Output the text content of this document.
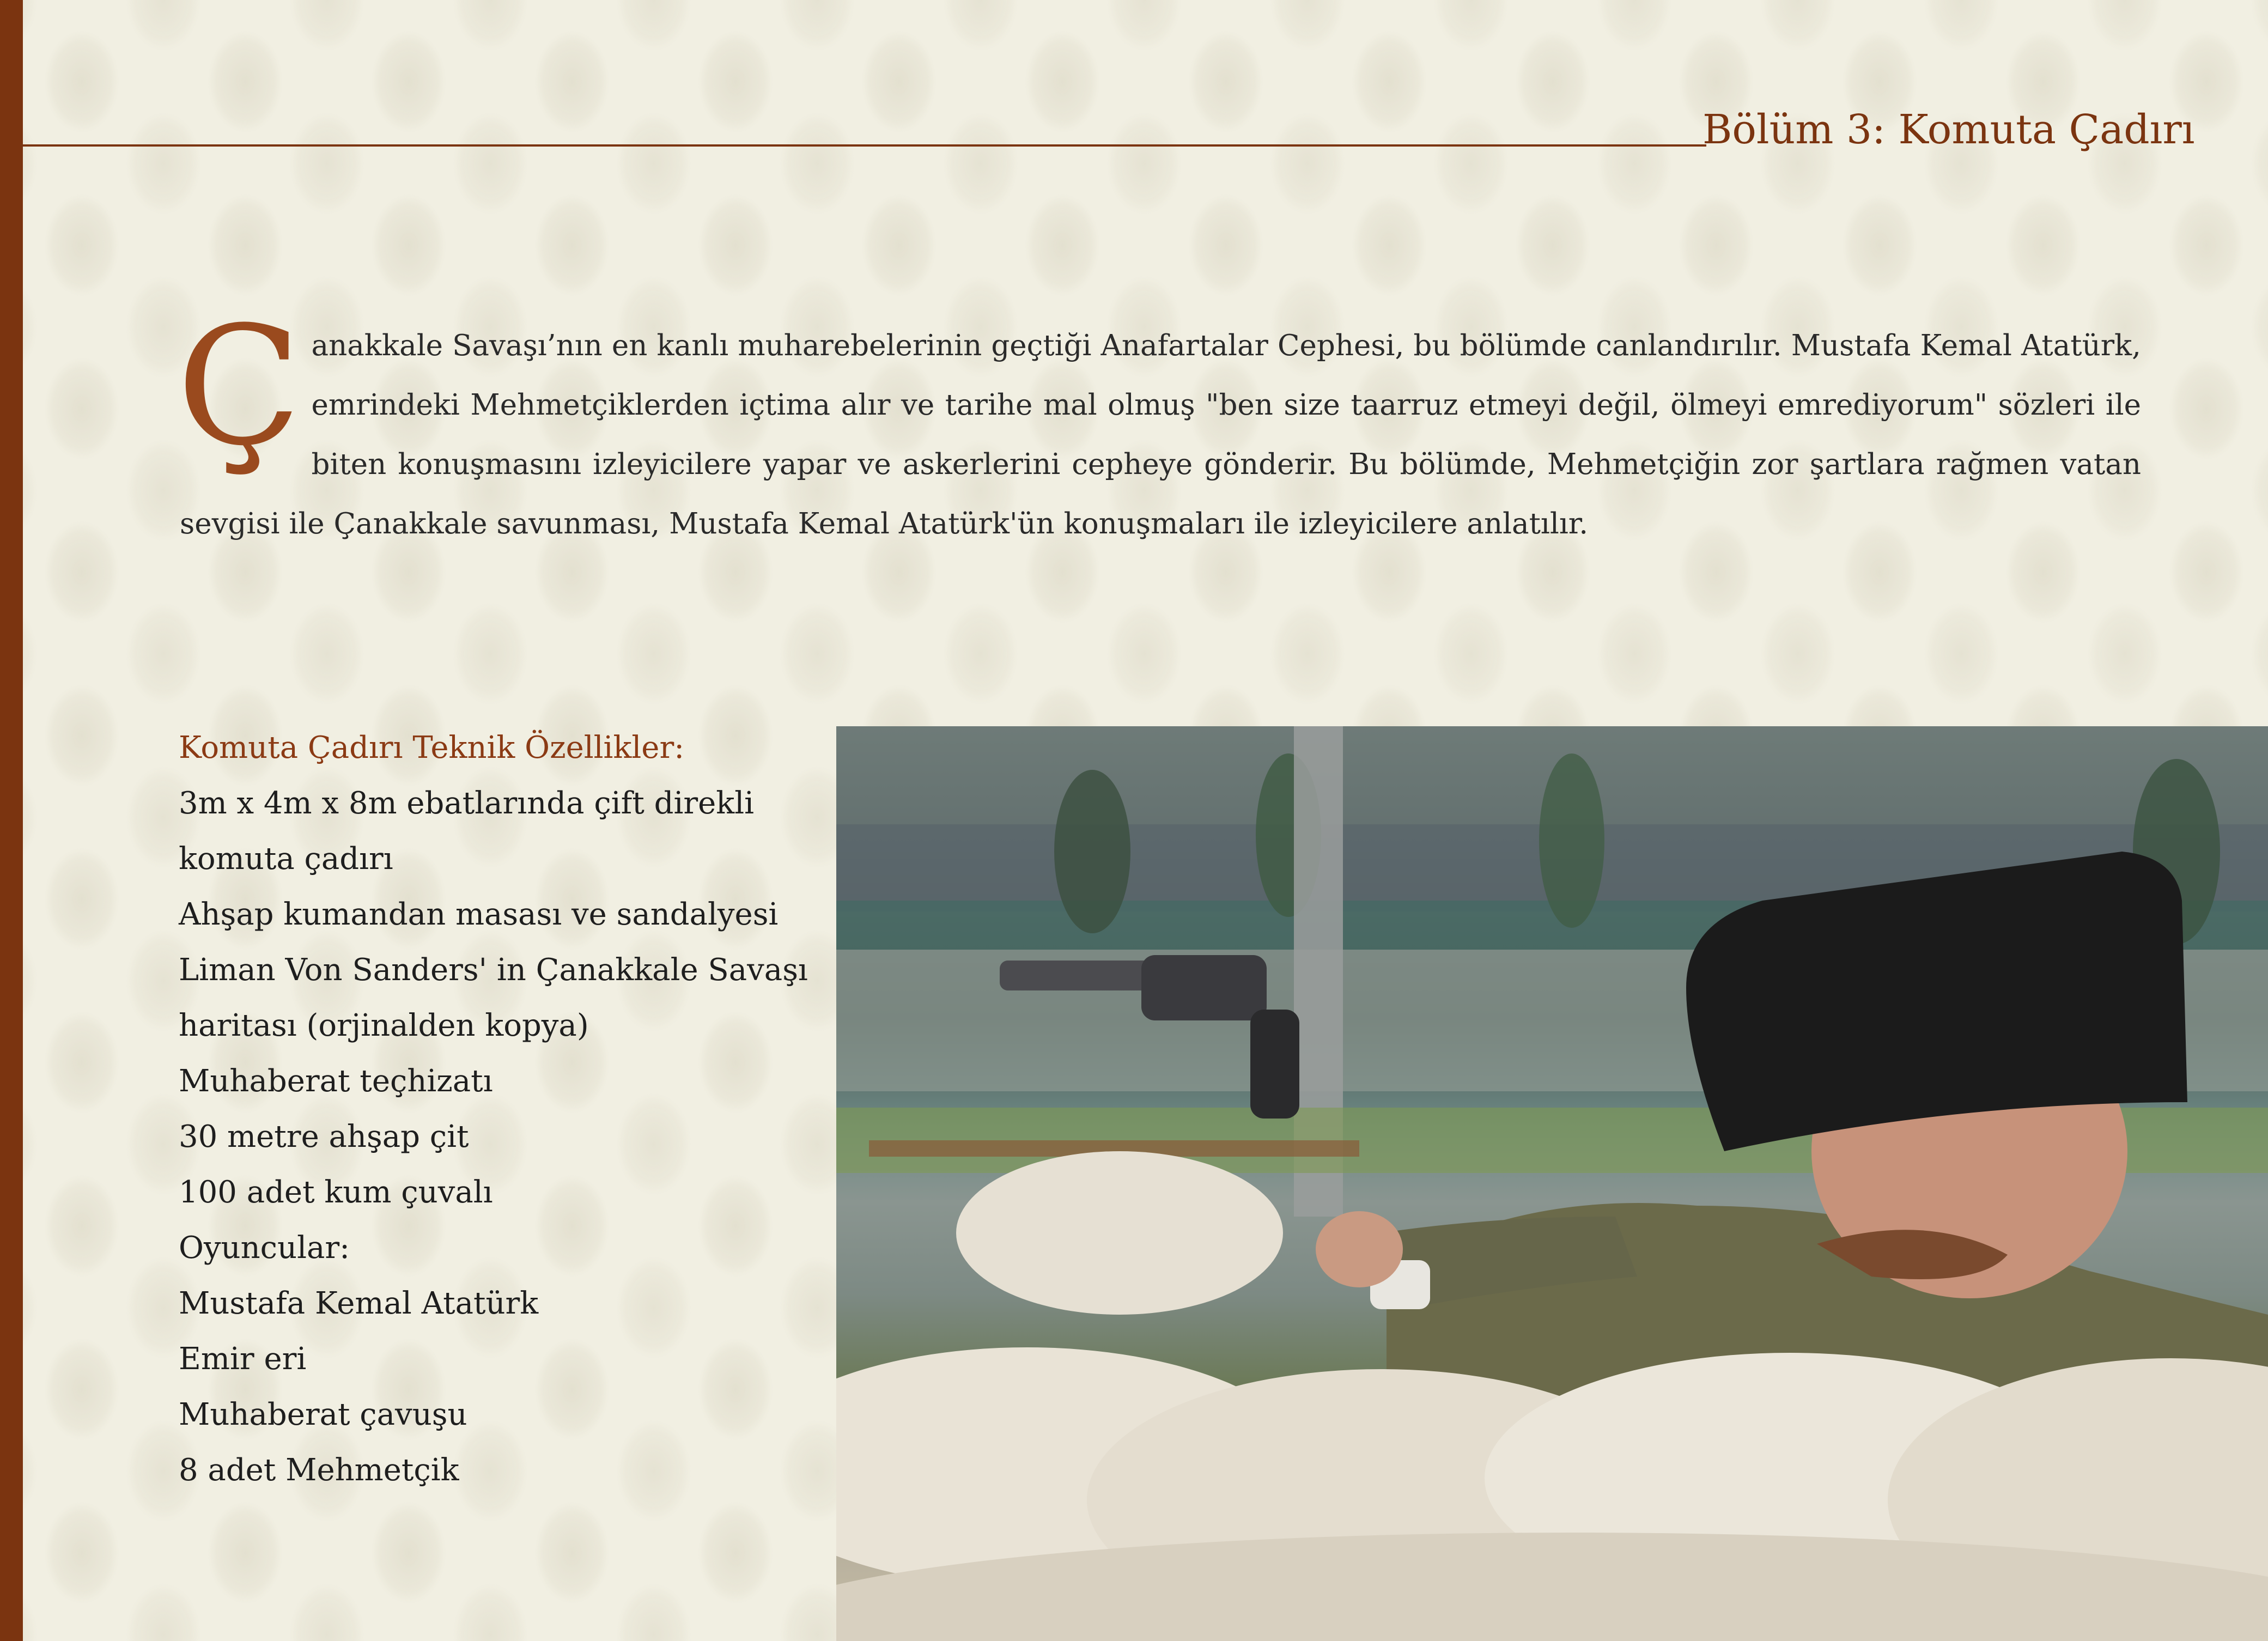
Bölüm 3: Komuta Çadırı

Çanakkale Savaşı’nın en kanlı muharebelerinin geçtiği Anafartalar Cephesi, bu bölümde canlandırılır. Mustafa Kemal Atatürk, emrindeki Mehmetçiklerden içtima alır ve tarihe mal olmuş "ben size taarruz etmeyi değil, ölmeyi emrediyorum" sözleri ile biten konuşmasını izleyicilere yapar ve askerlerini cepheye gönderir. Bu bölümde, Mehmetçiğin zor şartlara rağmen vatan sevgisi ile Çanakkale savunması, Mustafa Kemal Atatürk'ün konuşmaları ile izleyicilere anlatılır.

Komuta Çadırı Teknik Özellikler:

3m x 4m x 8m ebatlarında çift direkli

komuta çadırı

Ahşap kumandan masası ve sandalyesi

Liman Von Sanders' in Çanakkale Savaşı

haritası (orjinalden kopya)

Muhaberat teçhizatı

30 metre ahşap çit

100 adet kum çuvalı

Oyuncular:

Mustafa Kemal Atatürk

Emir eri

Muhaberat çavuşu

8 adet Mehmetçik
